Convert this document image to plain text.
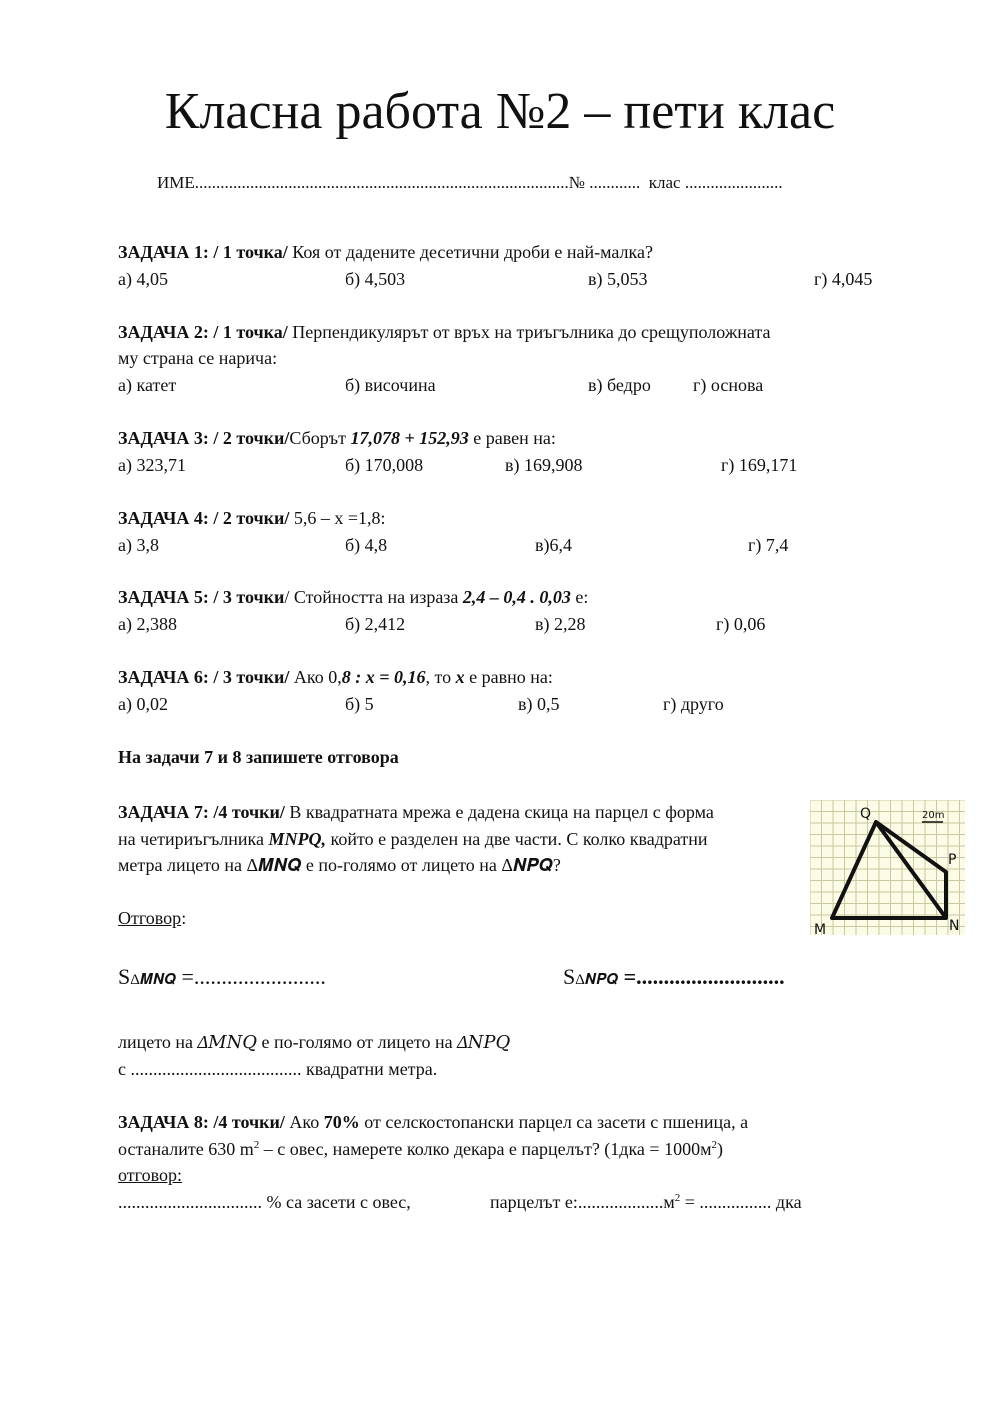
Класна работа №2 – пети клас
ИМЕ........................................................................................№ ............ клас .......................
ЗАДАЧА 1: / 1 точка/ Коя от дадените десетични дроби е най-малка?
а) 4,05	б) 4,503	в) 5,053	г) 4,045
ЗАДАЧА 2: / 1 точка/ Перпендикулярът от връх на триъгълника до срещуположната
му страна се нарича:
а) катет	б) височина	в) бедро г) основа
ЗАДАЧА 3: / 2 точки/Сборът 17,078 + 152,93 е равен на:
а) 323,71	б) 170,008	в) 169,908	г) 169,171
ЗАДАЧА 4: / 2 точки/ 5,6 – х =1,8:
а) 3,8	б) 4,8	в)6,4	г) 7,4
ЗАДАЧА 5: / 3 точки/ Стойността на израза 2,4 – 0,4 . 0,03 е:
а) 2,388	б) 2,412	в) 2,28	г) 0,06
ЗАДАЧА 6: / 3 точки/ Ако 0,8 : x = 0,16, то x е равно на:
а) 0,02	б) 5	в) 0,5	г) друго
На задачи 7 и 8 запишете отговора
ЗАДАЧА 7: /4 точки/ В квадратната мрежа е дадена скица на парцел с форма
на четириъгълника MNPQ, който е разделен на две части. С колко квадратни
метра лицето на Δ𝑴𝑵𝑸 е по-голямо от лицето на Δ𝑵𝑷𝑸?
Q
P
M	N
20m
Отговор:
SΔ𝑴𝑵𝑸 =........................	SΔ𝑵𝑷𝑸 =...........................
лицето на Δ𝑀𝑁𝑄 е по-голямо от лицето на Δ𝑁𝑃𝑄
с ...................................... квадратни метра.
ЗАДАЧА 8: /4 точки/ Ако 70% от селскостопански парцел са засети с пшеница, а
останалите 630 $m^2$ – с овес, намерете колко декара е парцелът? $(1дка = 1000м^2)$
отговор:
................................ % са засети с овес,	парцелът $е:...................м^2$ = ................ дка
